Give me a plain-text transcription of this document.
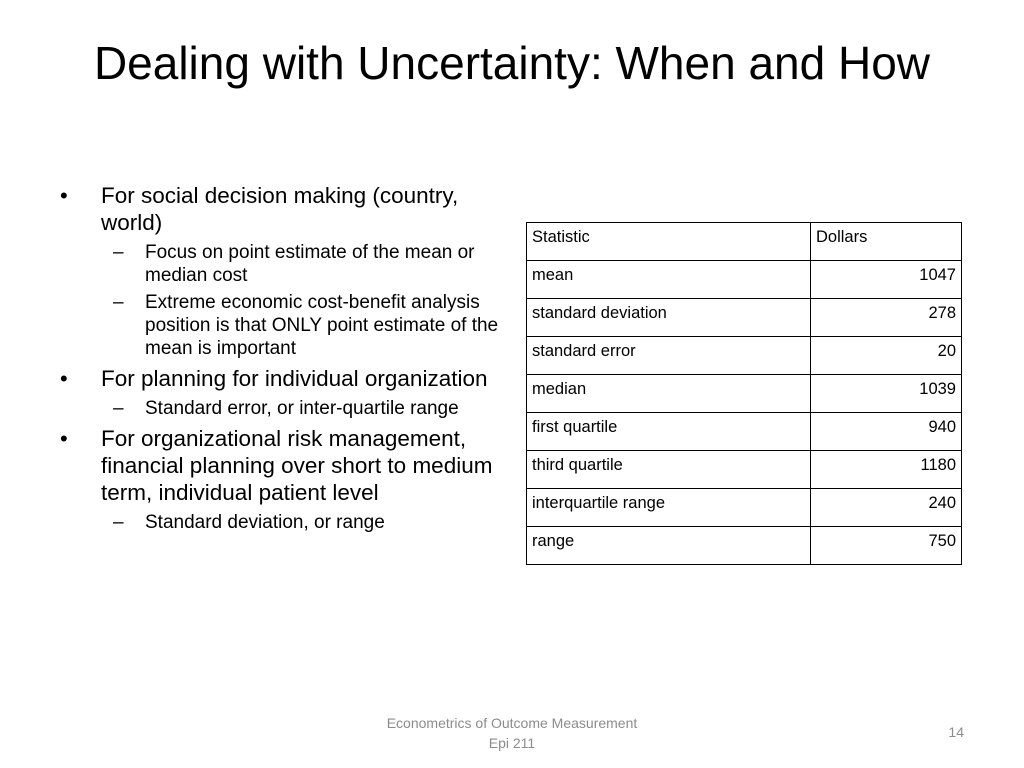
Dealing with Uncertainty: When and How
• For social decision making (country, world)
– Focus on point estimate of the mean or median cost
– Extreme economic cost-benefit analysis position is that ONLY point estimate of the mean is important
• For planning for individual organization
– Standard error, or inter-quartile range
• For organizational risk management, financial planning over short to medium term, individual patient level
– Standard deviation, or range
Statistic	Dollars
mean	1047
standard deviation	278
standard error	20
median	1039
first quartile	940
third quartile	1180
interquartile range	240
range	750
Econometrics of Outcome Measurement
Epi 211
14
